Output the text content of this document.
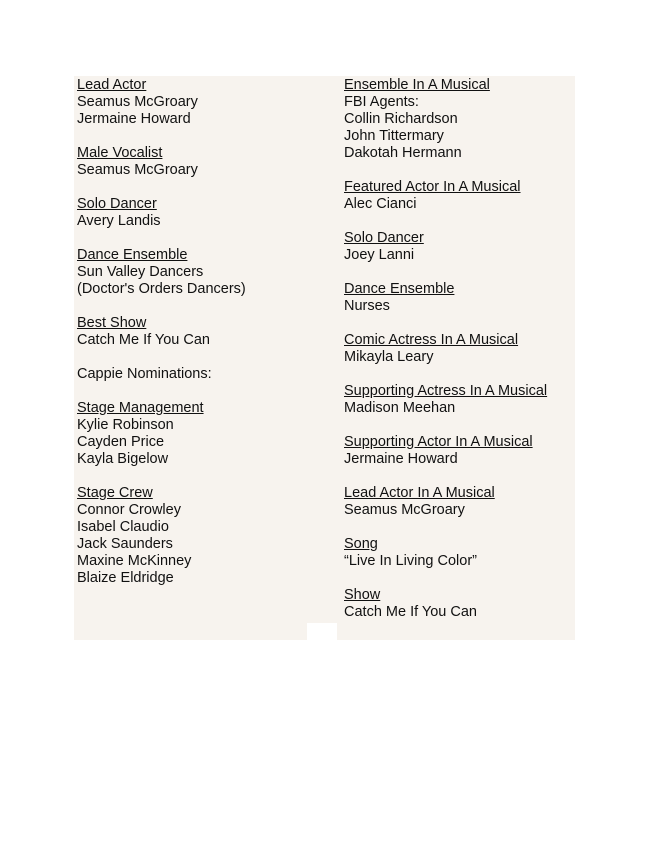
Lead Actor
Seamus McGroary
Jermaine Howard
Male Vocalist
Seamus McGroary
Solo Dancer
Avery Landis
Dance Ensemble
Sun Valley Dancers
(Doctor's Orders Dancers)
Best Show
Catch Me If You Can
Cappie Nominations:
Stage Management
Kylie Robinson
Cayden Price
Kayla Bigelow
Stage Crew
Connor Crowley
Isabel Claudio
Jack Saunders
Maxine McKinney
Blaize Eldridge
Ensemble In A Musical
FBI Agents:
Collin Richardson
John Tittermary
Dakotah Hermann
Featured Actor In A Musical
Alec Cianci
Solo Dancer
Joey Lanni
Dance Ensemble
Nurses
Comic Actress In A Musical
Mikayla Leary
Supporting Actress In A Musical
Madison Meehan
Supporting Actor In A Musical
Jermaine Howard
Lead Actor In A Musical
Seamus McGroary
Song
“Live In Living Color”
Show
Catch Me If You Can
